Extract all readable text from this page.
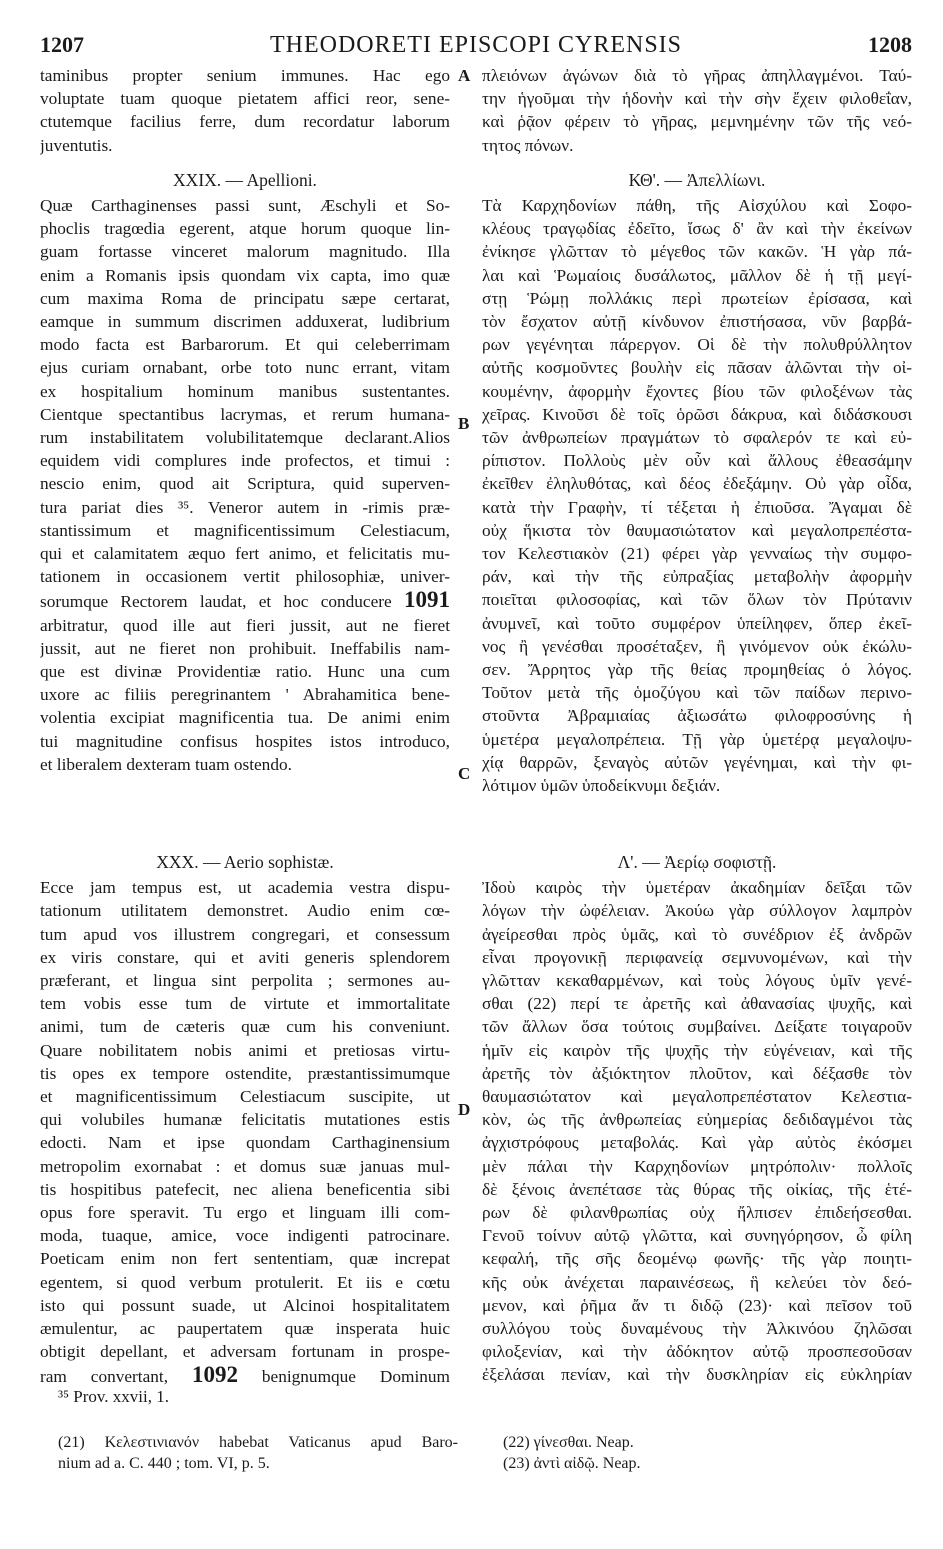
1207	THEODORETI EPISCOPI CYRENSIS	1208
taminibus propter senium immunes. Hac ego
voluptate tuam quoque pietatem affici reor, sene-
ctutemque facilius ferre, dum recordatur laborum
juventutis.
XXIX. — Apellioni.
Quæ Carthaginenses passi sunt, Æschyli et So-
phoclis tragœdia egerent, atque horum quoque lin-
guam fortasse vinceret malorum magnitudo. Illa
enim a Romanis ipsis quondam vix capta, imo quæ
cum maxima Roma de principatu sæpe certarat,
eamque in summum discrimen adduxerat, ludibrium
modo facta est Barbarorum. Et qui celeberrimam
ejus curiam ornabant, orbe toto nunc errant, vitam
ex hospitalium hominum manibus sustentantes.
Cientque spectantibus lacrymas, et rerum humana-
rum instabilitatem volubilitatemque declarant.Alios
equidem vidi complures inde profectos, et timui :
nescio enim, quod ait Scriptura, quid superven-
tura pariat dies ³⁵. Veneror autem in -rimis præ-
stantissimum et magnificentissimum Celestiacum,
qui et calamitatem æquo fert animo, et felicitatis mu-
tationem in occasionem vertit philosophiæ, univer-
sorumque Rectorem laudat, et hoc conducere 1091
arbitratur, quod ille aut fieri jussit, aut ne fieret
jussit, aut ne fieret non prohibuit. Ineffabilis nam-
que est divinæ Providentiæ ratio. Hunc una cum
uxore ac filiis peregrinantem ' Abrahamitica bene-
volentia excipiat magnificentia tua. De animi enim
tui magnitudine confisus hospites istos introduco,
et liberalem dexteram tuam ostendo.
πλειόνων ἀγώνων διὰ τὸ γῆρας ἀπηλλαγμένοι. Ταύ-
την ἡγοῦμαι τὴν ἡδονὴν καὶ τὴν σὴν ἔχειν φιλοθεΐαν,
καὶ ῥᾷον φέρειν τὸ γῆρας, μεμνημένην τῶν τῆς νεό-
τητος πόνων.
ΚΘ'. — Ἀπελλίωνι.
Τὰ Καρχηδονίων πάθη, τῆς Αἰσχύλου καὶ Σοφο-
κλέους τραγῳδίας ἐδεῖτο, ἴσως δ' ἂν καὶ τὴν ἐκείνων
ἐνίκησε γλῶτταν τὸ μέγεθος τῶν κακῶν. Ἡ γὰρ πά-
λαι καὶ Ῥωμαίοις δυσάλωτος, μᾶλλον δὲ ἡ τῇ μεγί-
στῃ Ῥώμῃ πολλάκις περὶ πρωτείων ἐρίσασα, καὶ
τὸν ἔσχατον αὐτῇ κίνδυνον ἐπιστήσασα, νῦν βαρβά-
ρων γεγένηται πάρεργον. Οἱ δὲ τὴν πολυθρύλλητον
αὐτῆς κοσμοῦντες βουλὴν εἰς πᾶσαν ἀλῶνται τὴν οἰ-
κουμένην, ἀφορμὴν ἔχοντες βίου τῶν φιλοξένων τὰς
χεῖρας. Κινοῦσι δὲ τοῖς ὁρῶσι δάκρυα, καὶ διδάσκουσι
τῶν ἀνθρωπείων πραγμάτων τὸ σφαλερόν τε καὶ εὐ-
ρίπιστον. Πολλοὺς μὲν οὖν καὶ ἄλλους ἐθεασάμην
ἐκεῖθεν ἐληλυθότας, καὶ δέος ἐδεξάμην. Οὐ γὰρ οἶδα,
κατὰ τὴν Γραφὴν, τί τέξεται ἡ ἐπιοῦσα. Ἄγαμαι δὲ
οὐχ ἥκιστα τὸν θαυμασιώτατον καὶ μεγαλοπρεπέστα-
τον Κελεστιακὸν (21) φέρει γὰρ γενναίως τὴν συμφο-
ράν, καὶ τὴν τῆς εὐπραξίας μεταβολὴν ἀφορμὴν
ποιεῖται φιλοσοφίας, καὶ τῶν ὅλων τὸν Πρύτανιν
ἀνυμνεῖ, καὶ τοῦτο συμφέρον ὑπείληφεν, ὅπερ ἐκεῖ-
νος ἢ γενέσθαι προσέταξεν, ἢ γινόμενον οὐκ ἐκώλυ-
σεν. Ἄρρητος γὰρ τῆς θείας προμηθείας ὁ λόγος.
Τοῦτον μετὰ τῆς ὁμοζύγου καὶ τῶν παίδων περινο-
στοῦντα Ἀβραμιαίας ἀξιωσάτω φιλοφροσύνης ἡ
ὑμετέρα μεγαλοπρέπεια. Τῇ γὰρ ὑμετέρᾳ μεγαλοψυ-
χίᾳ θαρρῶν, ξεναγὸς αὐτῶν γεγένημαι, καὶ τὴν φι-
λότιμον ὑμῶν ὑποδείκνυμι δεξιάν.
XXX. — Aerio sophistæ.
Ecce jam tempus est, ut academia vestra dispu-
tationum utilitatem demonstret. Audio enim cœ-
tum apud vos illustrem congregari, et consessum
ex viris constare, qui et aviti generis splendorem
præferant, et lingua sint perpolita ; sermones au-
tem vobis esse tum de virtute et immortalitate
animi, tum de cæteris quæ cum his conveniunt.
Quare nobilitatem nobis animi et pretiosas virtu-
tis opes ex tempore ostendite, præstantissimumque
et magnificentissimum Celestiacum suscipite, ut
qui volubiles humanæ felicitatis mutationes estis
edocti. Nam et ipse quondam Carthaginensium
metropolim exornabat : et domus suæ januas mul-
tis hospitibus patefecit, nec aliena beneficentia sibi
opus fore speravit. Tu ergo et linguam illi com-
moda, tuaque, amice, voce indigenti patrocinare.
Poeticam enim non fert sententiam, quæ increpat
egentem, si quod verbum protulerit. Et iis e cœtu
isto qui possunt suade, ut Alcinoi hospitalitatem
æmulentur, ac paupertatem quæ insperata huic
obtigit depellant, et adversam fortunam in prospe-
ram convertant, 1092 benignumque Dominum
Λ'. — Ἀερίῳ σοφιστῇ.
Ἰδοὺ καιρὸς τὴν ὑμετέραν ἀκαδημίαν δεῖξαι τῶν
λόγων τὴν ὠφέλειαν. Ἀκούω γὰρ σύλλογον λαμπρὸν
ἀγείρεσθαι πρὸς ὑμᾶς, καὶ τὸ συνέδριον ἐξ ἀνδρῶν
εἶναι προγονικῇ περιφανείᾳ σεμνυνομένων, καὶ τὴν
γλῶτταν κεκαθαρμένων, καὶ τοὺς λόγους ὑμῖν γενέ-
σθαι (22) περί τε ἀρετῆς καὶ ἀθανασίας ψυχῆς, καὶ
τῶν ἄλλων ὅσα τούτοις συμβαίνει. Δείξατε τοιγαροῦν
ἡμῖν εἰς καιρὸν τῆς ψυχῆς τὴν εὐγένειαν, καὶ τῆς
ἀρετῆς τὸν ἀξιόκτητον πλοῦτον, καὶ δέξασθε τὸν
θαυμασιώτατον καὶ μεγαλοπρεπέστατον Κελεστια-
κὸν, ὡς τῆς ἀνθρωπείας εὐημερίας δεδιδαγμένοι τὰς
ἀγχιστρόφους μεταβολάς. Καὶ γὰρ αὐτὸς ἐκόσμει
μὲν πάλαι τὴν Καρχηδονίων μητρόπολιν· πολλοῖς
δὲ ξένοις ἀνεπέτασε τὰς θύρας τῆς οἰκίας, τῆς ἑτέ-
ρων δὲ φιλανθρωπίας οὐχ ἤλπισεν ἐπιδεήσεσθαι.
Γενοῦ τοίνυν αὐτῷ γλῶττα, καὶ συνηγόρησον, ὦ φίλη
κεφαλή, τῆς σῆς δεομένῳ φωνῆς· τῆς γὰρ ποιητι-
κῆς οὐκ ἀνέχεται παραινέσεως, ἣ κελεύει τὸν δεό-
μενον, καὶ ῥῆμα ἄν τι διδῷ (23)· καὶ πεῖσον τοῦ
συλλόγου τοὺς δυναμένους τὴν Ἀλκινόου ζηλῶσαι
φιλοξενίαν, καὶ τὴν ἀδόκητον αὐτῷ προσπεσοῦσαν
ἐξελάσαι πενίαν, καὶ τὴν δυσκληρίαν εἰς εὐκληρίαν
A
B
C
D
³⁵ Prov. xxvii, 1.
(21) Κελεστινιανόν habebat Vaticanus apud Baro-
nium ad a. C. 440 ; tom. VI, p. 5.
(22) γίνεσθαι. Neap.
(23) ἀντὶ αἰδῷ. Neap.
